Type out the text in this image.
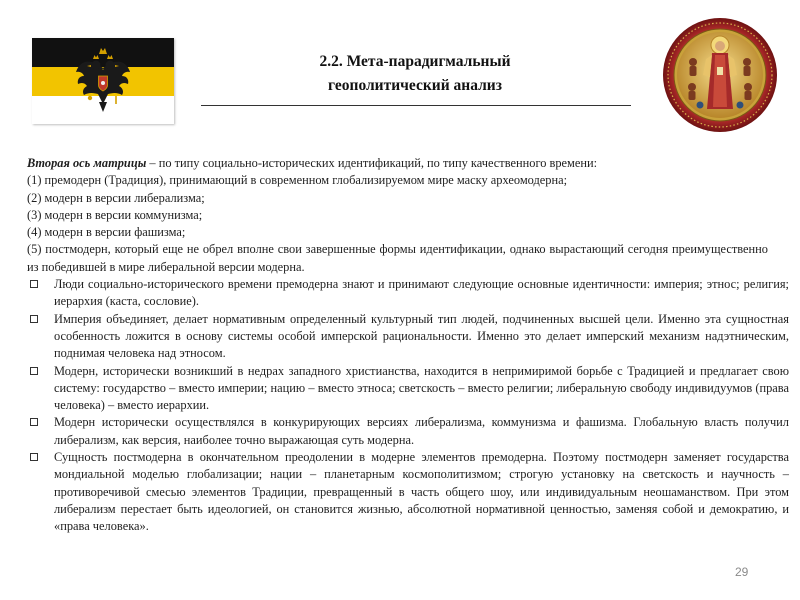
2.2. Мета-парадигмальный
геополитический анализ

Вторая ось матрицы – по типу социально-исторических идентификаций, по типу качественного времени:

(1) премодерн (Традиция), принимающий в современном глобализируемом мире маску археомодерна;

(2) модерн в версии либерализма;

(3) модерн в версии коммунизма;

(4) модерн в версии фашизма;

(5) постмодерн, который еще не обрел вполне свои завершенные формы идентификации, однако вырастающий сегодня преимущественно из победившей в мире либеральной версии модерна.

Люди социально-исторического времени премодерна знают и принимают следующие основные идентичности: империя; этнос; религия; иерархия (каста, сословие).

Империя объединяет, делает нормативным определенный культурный тип людей, подчиненных высшей цели. Именно эта сущностная особенность ложится в основу системы особой имперской рациональности. Именно это делает имперский механизм надэтническим, поднимая человека над этносом.

Модерн, исторически возникший в недрах западного христианства, находится в непримиримой борьбе с Традицией и предлагает свою систему: государство – вместо империи; нацию – вместо этноса; светскость – вместо религии; либеральную свободу индивидуумов (права человека) – вместо иерархии.

Модерн исторически осуществлялся в конкурирующих версиях либерализма, коммунизма и фашизма. Глобальную власть получил либерализм, как версия, наиболее точно выражающая суть модерна.

Сущность постмодерна в окончательном преодолении в модерне элементов премодерна. Поэтому постмодерн заменяет государства мондиальной моделью глобализации; нации – планетарным космополитизмом; строгую установку на светскость и научность – противоречивой смесью элементов Традиции, превращенный в часть общего шоу, или индивидуальным неошаманством. При этом либерализм перестает быть идеологией, он становится жизнью, абсолютной нормативной ценностью, заменяя собой и демократию, и «права человека».

29
